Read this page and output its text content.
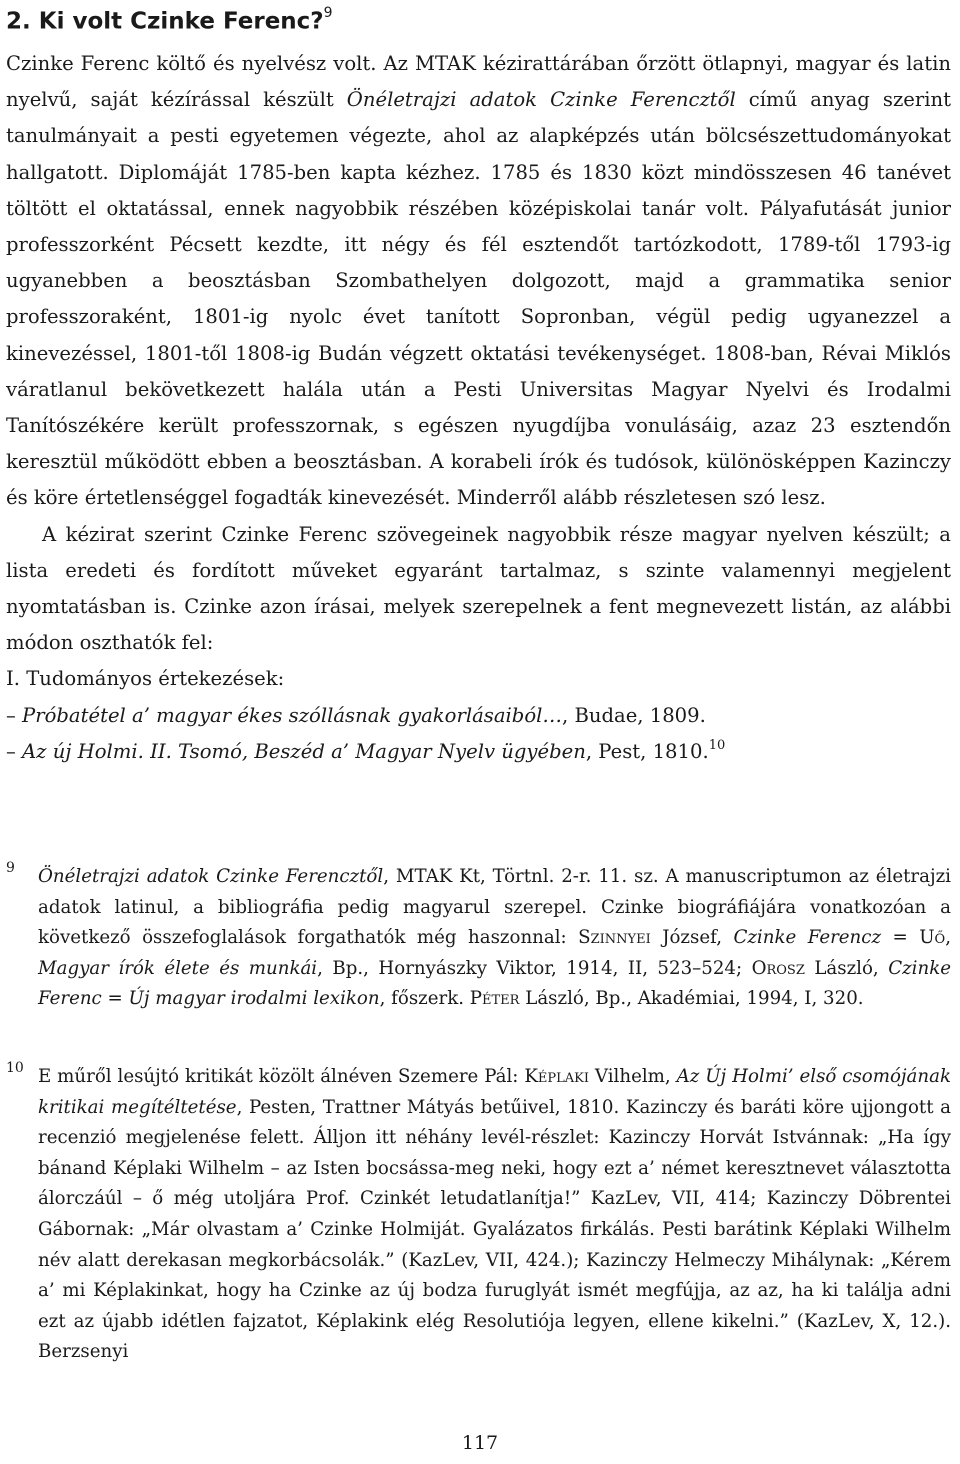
2. Ki volt Czinke Ferenc?$^9$

Czinke Ferenc költő és nyelvész volt. Az MTAK kézirattárában őrzött ötlapnyi, magyar és latin nyelvű, saját kézírással készült Önéletrajzi adatok Czinke Ferencztől című anyag szerint tanulmányait a pesti egyetemen végezte, ahol az alapképzés után bölcsészettudományokat hallgatott. Diplomáját 1785-ben kapta kézhez. 1785 és 1830 közt mindösszesen 46 tanévet töltött el oktatással, ennek nagyobbik részében középiskolai tanár volt. Pályafutását junior professzorként Pécsett kezdte, itt négy és fél esztendőt tartózkodott, 1789-től 1793-ig ugyanebben a beosztásban Szombathelyen dolgozott, majd a grammatika senior professzoraként, 1801-ig nyolc évet tanított Sopronban, végül pedig ugyanezzel a kinevezéssel, 1801-től 1808-ig Budán végzett oktatási tevékenységet. 1808-ban, Révai Miklós váratlanul bekövetkezett halála után a Pesti Universitas Magyar Nyelvi és Irodalmi Tanítószékére került professzornak, s egészen nyugdíjba vonulásáig, azaz 23 esztendőn keresztül működött ebben a beosztásban. A korabeli írók és tudósok, különösképpen Kazinczy és köre értetlenséggel fogadták kinevezését. Minderről alább részletesen szó lesz.

A kézirat szerint Czinke Ferenc szövegeinek nagyobbik része magyar nyelven készült; a lista eredeti és fordított műveket egyaránt tartalmaz, s szinte valamennyi megjelent nyomtatásban is. Czinke azon írásai, melyek szerepelnek a fent megnevezett listán, az alábbi módon oszthatók fel:

I. Tudományos értekezések:
– Próbatétel a’ magyar ékes szóllásnak gyakorlásaiból…, Budae, 1809.
– Az új Holmi. II. Tsomó, Beszéd a’ Magyar Nyelv ügyében, Pest, 1810.10
9 Önéletrajzi adatok Czinke Ferencztől, MTAK Kt, Törtnl. 2-r. 11. sz. A manuscriptumon az életrajzi adatok latinul, a bibliográfia pedig magyarul szerepel. Czinke biográfiájára vonatkozóan a következő összefoglalások forgathatók még haszonnal: Szinnyei József, Czinke Ferencz = Uő, Magyar írók élete és munkái, Bp., Hornyászky Viktor, 1914, II, 523–524; Orosz László, Czinke Ferenc = Új magyar irodalmi lexikon, főszerk. Péter László, Bp., Akadémiai, 1994, I, 320.
10 E műről lesújtó kritikát közölt álnéven Szemere Pál: Képlaki Vilhelm, Az Új Holmi’ első csomójának kritikai megítéltetése, Pesten, Trattner Mátyás betűivel, 1810. Kazinczy és baráti köre ujjongott a recenzió megjelenése felett. Álljon itt néhány levél-részlet: Kazinczy Horvát Istvánnak: „Ha így bánand Képlaki Wilhelm – az Isten bocsássa-meg neki, hogy ezt a’ német keresztnevet választotta álorczáúl – ő még utoljára Prof. Czinkét letudatlanítja!” KazLev, VII, 414; Kazinczy Döbrentei Gábornak: „Már olvastam a’ Czinke Holmiját. Gyalázatos firkálás. Pesti barátink Képlaki Wilhelm név alatt derekasan megkorbácsolák.” (KazLev, VII, 424.); Kazinczy Helmeczy Mihálynak: „Kérem a’ mi Képlakinkat, hogy ha Czinke az új bodza furuglyát ismét megfújja, az az, ha ki találja adni ezt az újabb idétlen fajzatot, Képlakink elég Resolutiója legyen, ellene kikelni.” (KazLev, X, 12.). Berzsenyi
117
